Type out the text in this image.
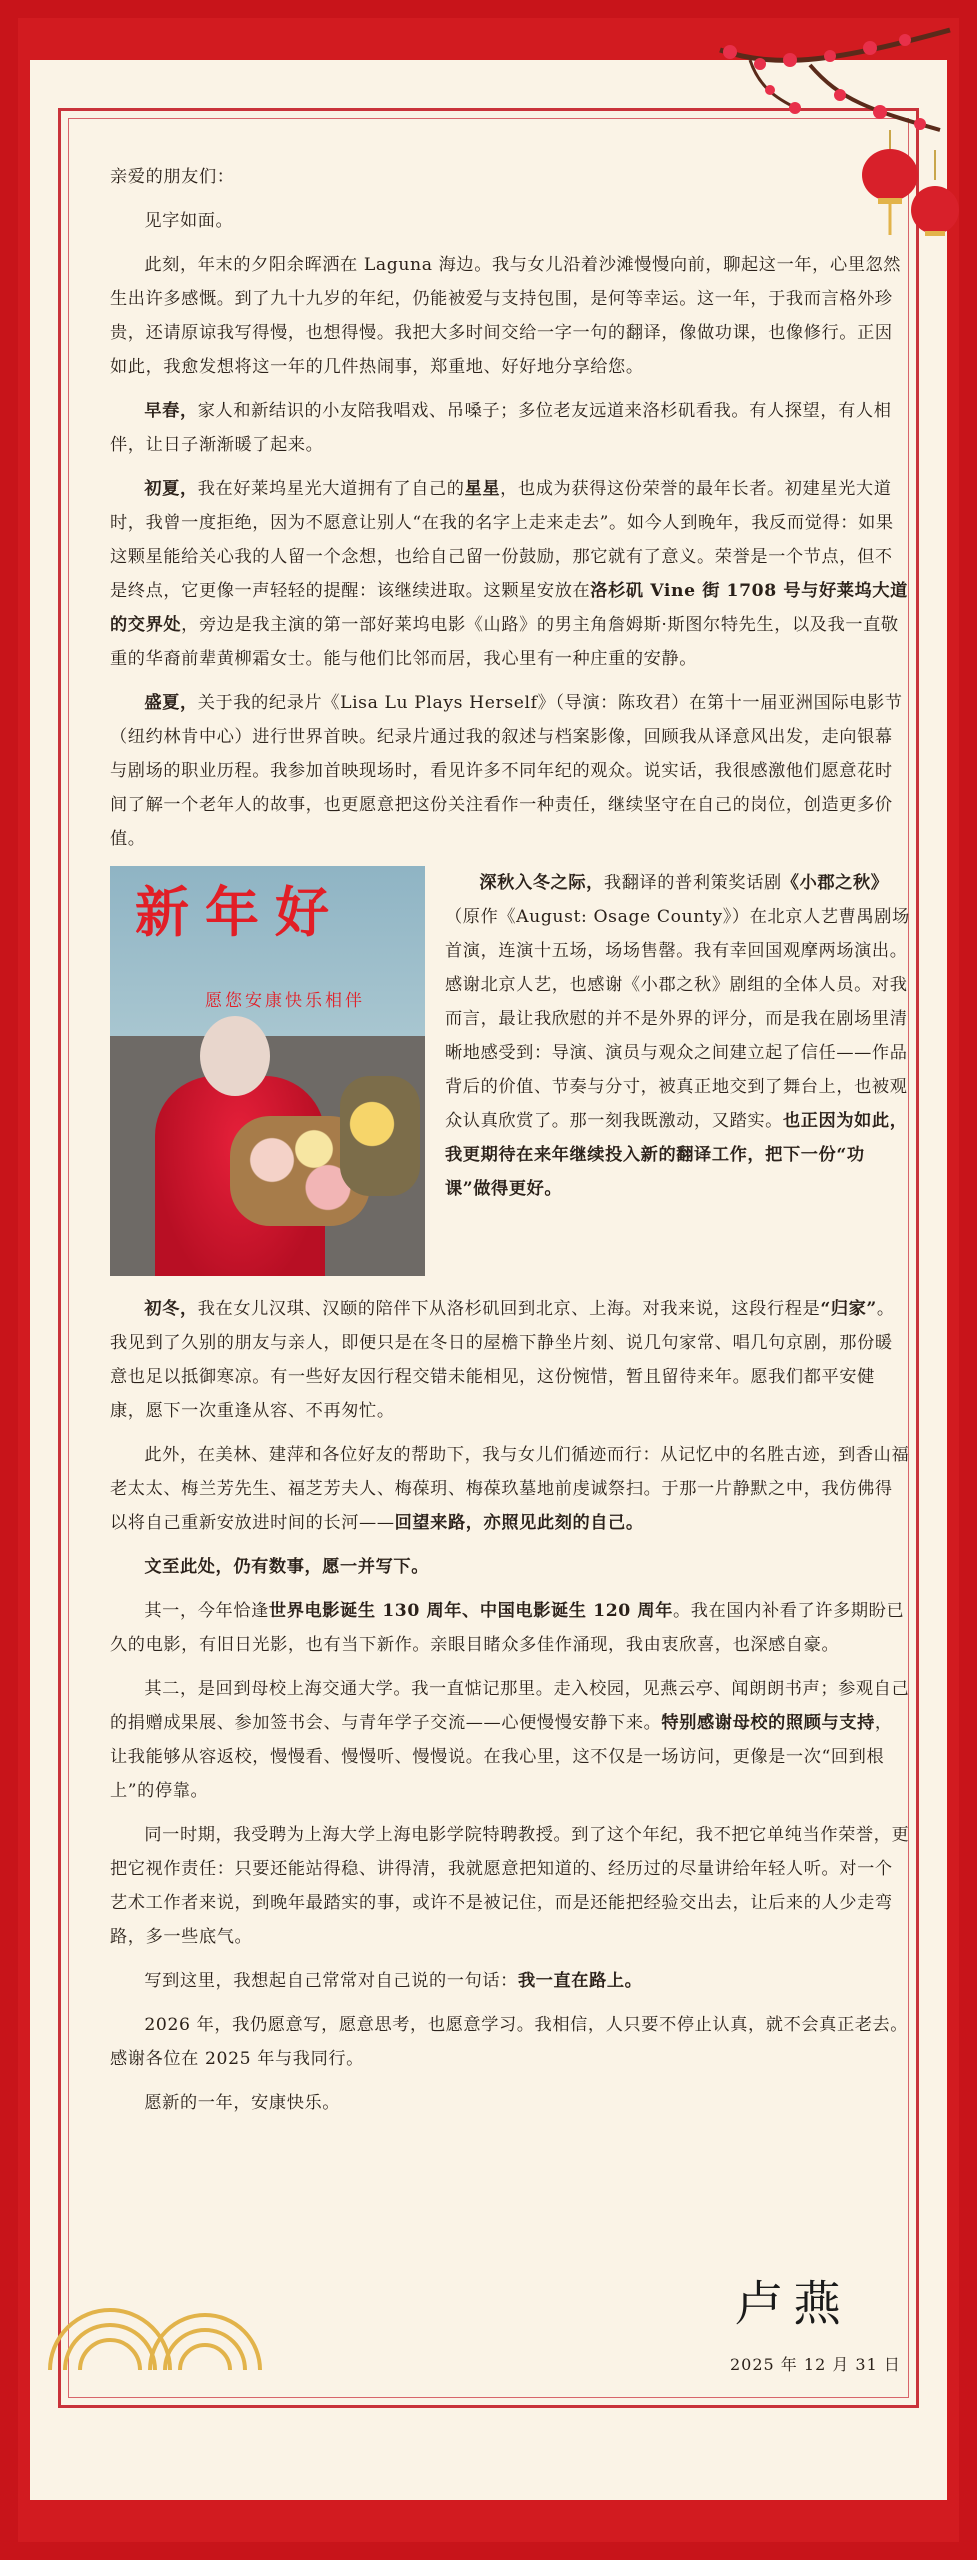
亲爱的朋友们：

见字如面。

此刻，年末的夕阳余晖洒在 Laguna 海边。我与女儿沿着沙滩慢慢向前，聊起这一年，心里忽然生出许多感慨。到了九十九岁的年纪，仍能被爱与支持包围，是何等幸运。这一年，于我而言格外珍贵，还请原谅我写得慢，也想得慢。我把大多时间交给一字一句的翻译，像做功课，也像修行。正因如此，我愈发想将这一年的几件热闹事，郑重地、好好地分享给您。

早春，家人和新结识的小友陪我唱戏、吊嗓子；多位老友远道来洛杉矶看我。有人探望，有人相伴，让日子渐渐暖了起来。

初夏，我在好莱坞星光大道拥有了自己的星星，也成为获得这份荣誉的最年长者。初建星光大道时，我曾一度拒绝，因为不愿意让别人“在我的名字上走来走去”。如今人到晚年，我反而觉得：如果这颗星能给关心我的人留一个念想，也给自己留一份鼓励，那它就有了意义。荣誉是一个节点，但不是终点，它更像一声轻轻的提醒：该继续进取。这颗星安放在洛杉矶 Vine 街 1708 号与好莱坞大道的交界处，旁边是我主演的第一部好莱坞电影《山路》的男主角詹姆斯·斯图尔特先生，以及我一直敬重的华裔前辈黄柳霜女士。能与他们比邻而居，我心里有一种庄重的安静。

盛夏，关于我的纪录片《Lisa Lu Plays Herself》（导演：陈玫君）在第十一届亚洲国际电影节（纽约林肯中心）进行世界首映。纪录片通过我的叙述与档案影像，回顾我从译意风出发，走向银幕与剧场的职业历程。我参加首映现场时，看见许多不同年纪的观众。说实话，我很感激他们愿意花时间了解一个老年人的故事，也更愿意把这份关注看作一种责任，继续坚守在自己的岗位，创造更多价值。

新年好
愿您安康快乐相伴

深秋入冬之际，我翻译的普利策奖话剧《小郡之秋》（原作《August: Osage County》）在北京人艺曹禺剧场首演，连演十五场，场场售罄。我有幸回国观摩两场演出。感谢北京人艺，也感谢《小郡之秋》剧组的全体人员。对我而言，最让我欣慰的并不是外界的评分，而是我在剧场里清晰地感受到：导演、演员与观众之间建立起了信任——作品背后的价值、节奏与分寸，被真正地交到了舞台上，也被观众认真欣赏了。那一刻我既激动，又踏实。也正因为如此，我更期待在来年继续投入新的翻译工作，把下一份“功课”做得更好。

初冬，我在女儿汉琪、汉颐的陪伴下从洛杉矶回到北京、上海。对我来说，这段行程是“归家”。我见到了久别的朋友与亲人，即便只是在冬日的屋檐下静坐片刻、说几句家常、唱几句京剧，那份暖意也足以抵御寒凉。有一些好友因行程交错未能相见，这份惋惜，暂且留待来年。愿我们都平安健康，愿下一次重逢从容、不再匆忙。

此外，在美林、建萍和各位好友的帮助下，我与女儿们循迹而行：从记忆中的名胜古迹，到香山福老太太、梅兰芳先生、福芝芳夫人、梅葆玥、梅葆玖墓地前虔诚祭扫。于那一片静默之中，我仿佛得以将自己重新安放进时间的长河——回望来路，亦照见此刻的自己。

文至此处，仍有数事，愿一并写下。

其一，今年恰逢世界电影诞生 130 周年、中国电影诞生 120 周年。我在国内补看了许多期盼已久的电影，有旧日光影，也有当下新作。亲眼目睹众多佳作涌现，我由衷欣喜，也深感自豪。

其二，是回到母校上海交通大学。我一直惦记那里。走入校园，见燕云亭、闻朗朗书声；参观自己的捐赠成果展、参加签书会、与青年学子交流——心便慢慢安静下来。特别感谢母校的照顾与支持，让我能够从容返校，慢慢看、慢慢听、慢慢说。在我心里，这不仅是一场访问，更像是一次“回到根上”的停靠。

同一时期，我受聘为上海大学上海电影学院特聘教授。到了这个年纪，我不把它单纯当作荣誉，更把它视作责任：只要还能站得稳、讲得清，我就愿意把知道的、经历过的尽量讲给年轻人听。对一个艺术工作者来说，到晚年最踏实的事，或许不是被记住，而是还能把经验交出去，让后来的人少走弯路，多一些底气。

写到这里，我想起自己常常对自己说的一句话：我一直在路上。

2026 年，我仍愿意写，愿意思考，也愿意学习。我相信，人只要不停止认真，就不会真正老去。感谢各位在 2025 年与我同行。

愿新的一年，安康快乐。

卢燕
2025 年 12 月 31 日
